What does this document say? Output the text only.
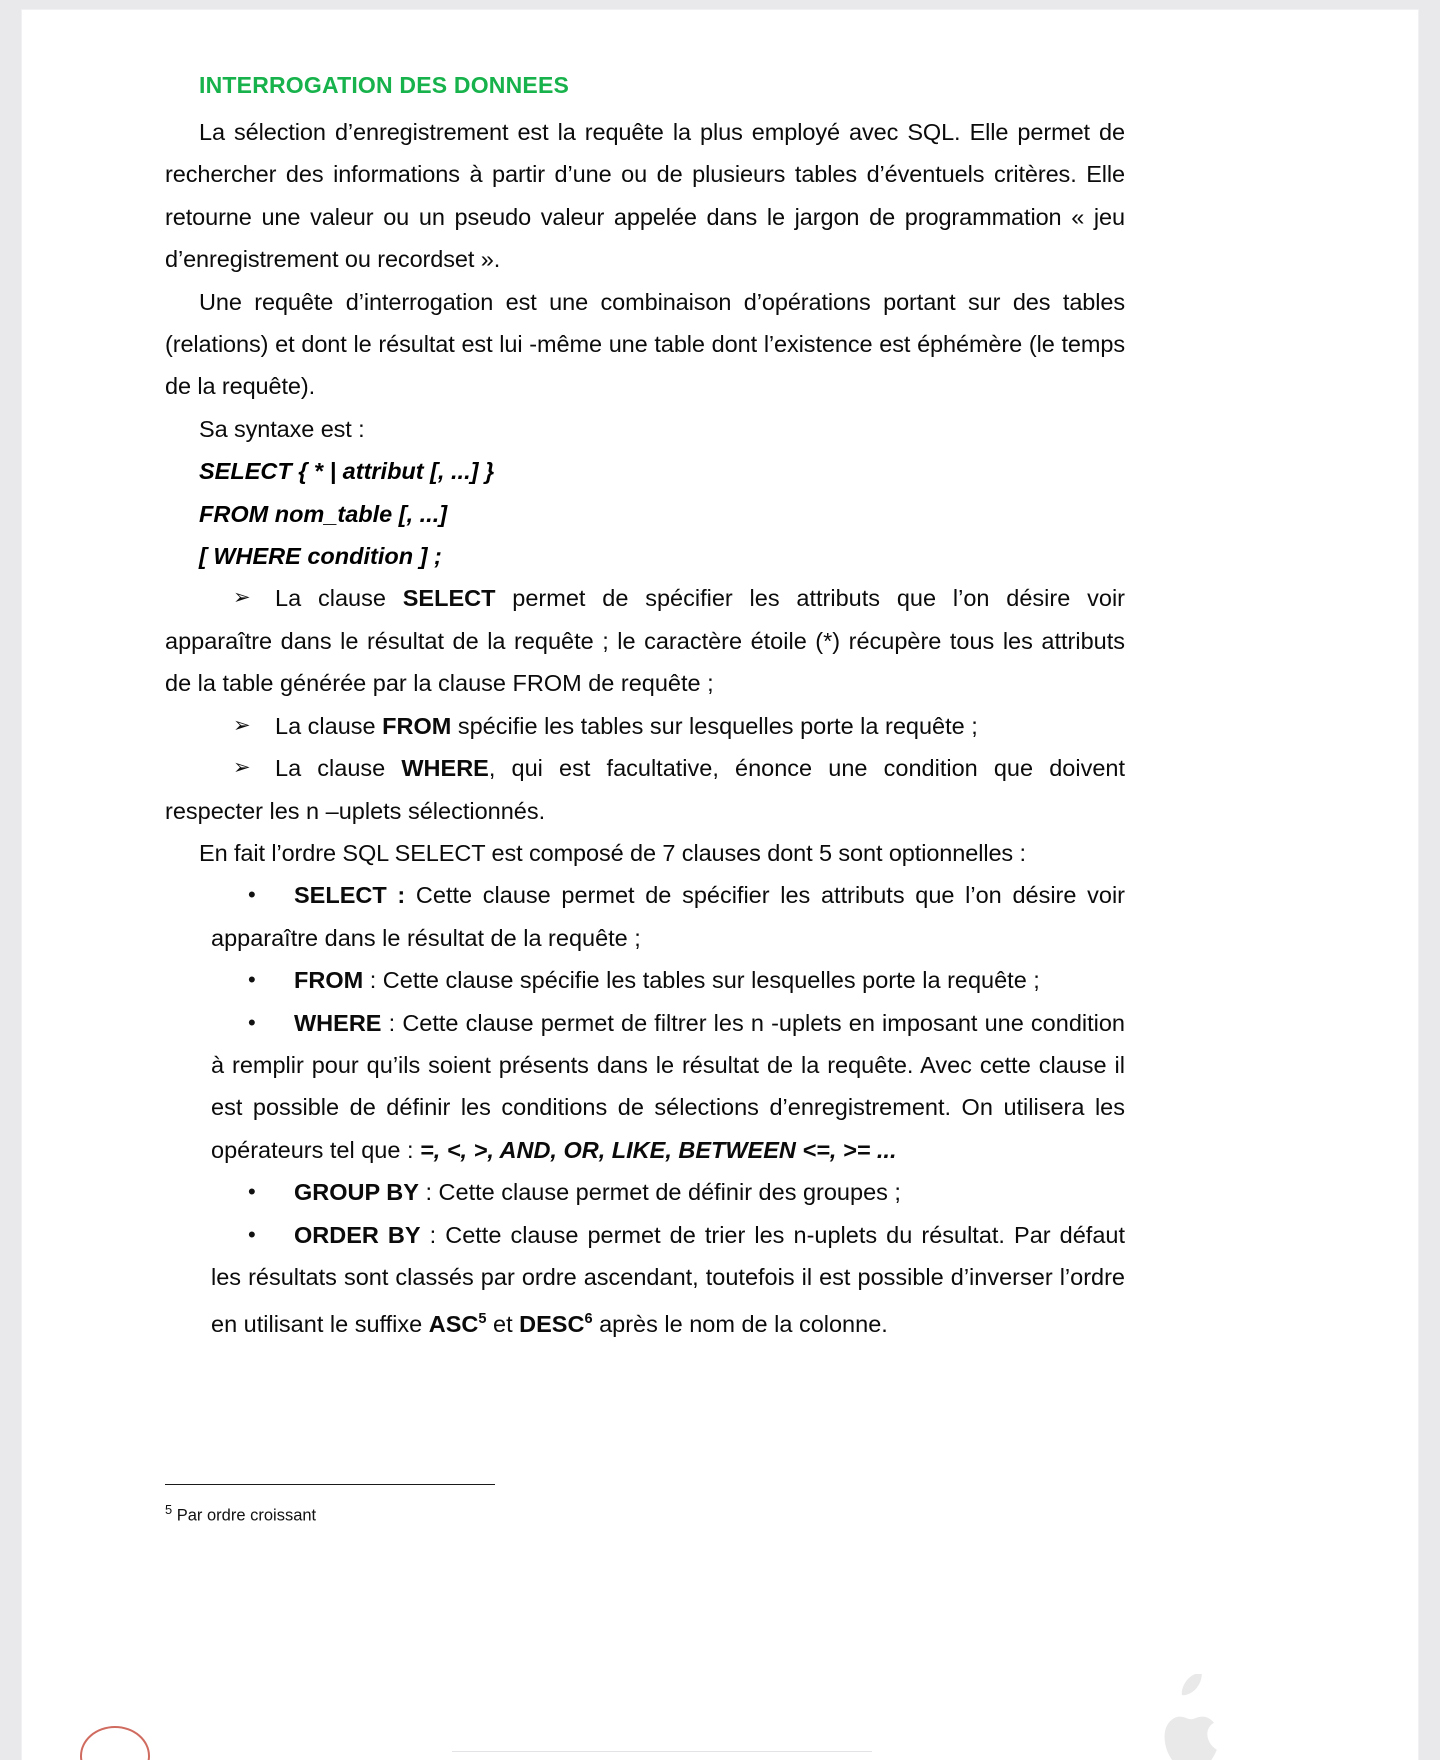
INTERROGATION DES DONNEES

La sélection d’enregistrement est la requête la plus employé avec SQL. Elle permet de rechercher des informations à partir d’une ou de plusieurs tables d’éventuels critères. Elle retourne une valeur ou un pseudo valeur appelée dans le jargon de programmation « jeu d’enregistrement ou recordset ».

Une requête d’interrogation est une combinaison d’opérations portant sur des tables (relations) et dont le résultat est lui -même une table dont l’existence est éphémère (le temps de la requête).

Sa syntaxe est :

SELECT { * | attribut [, ...] }

FROM nom_table [, ...]

[ WHERE condition ] ;

➢ La clause SELECT permet de spécifier les attributs que l’on désire voir apparaître dans le résultat de la requête ; le caractère étoile (*) récupère tous les attributs de la table générée par la clause FROM de requête ;

➢ La clause FROM spécifie les tables sur lesquelles porte la requête ;

➢ La clause WHERE, qui est facultative, énonce une condition que doivent respecter les n –uplets sélectionnés.

En fait l’ordre SQL SELECT est composé de 7 clauses dont 5 sont optionnelles :

• SELECT : Cette clause permet de spécifier les attributs que l’on désire voir apparaître dans le résultat de la requête ;

• FROM : Cette clause spécifie les tables sur lesquelles porte la requête ;

• WHERE : Cette clause permet de filtrer les n -uplets en imposant une condition à remplir pour qu’ils soient présents dans le résultat de la requête. Avec cette clause il est possible de définir les conditions de sélections d’enregistrement. On utilisera les opérateurs tel que : =, <, >, AND, OR, LIKE, BETWEEN <=, >= ...

• GROUP BY : Cette clause permet de définir des groupes ;

• ORDER BY : Cette clause permet de trier les n-uplets du résultat. Par défaut les résultats sont classés par ordre ascendant, toutefois il est possible d’inverser l’ordre en utilisant le suffixe ASC$^5$ et DESC$^6$ après le nom de la colonne.

$^5$ Par ordre croissant
